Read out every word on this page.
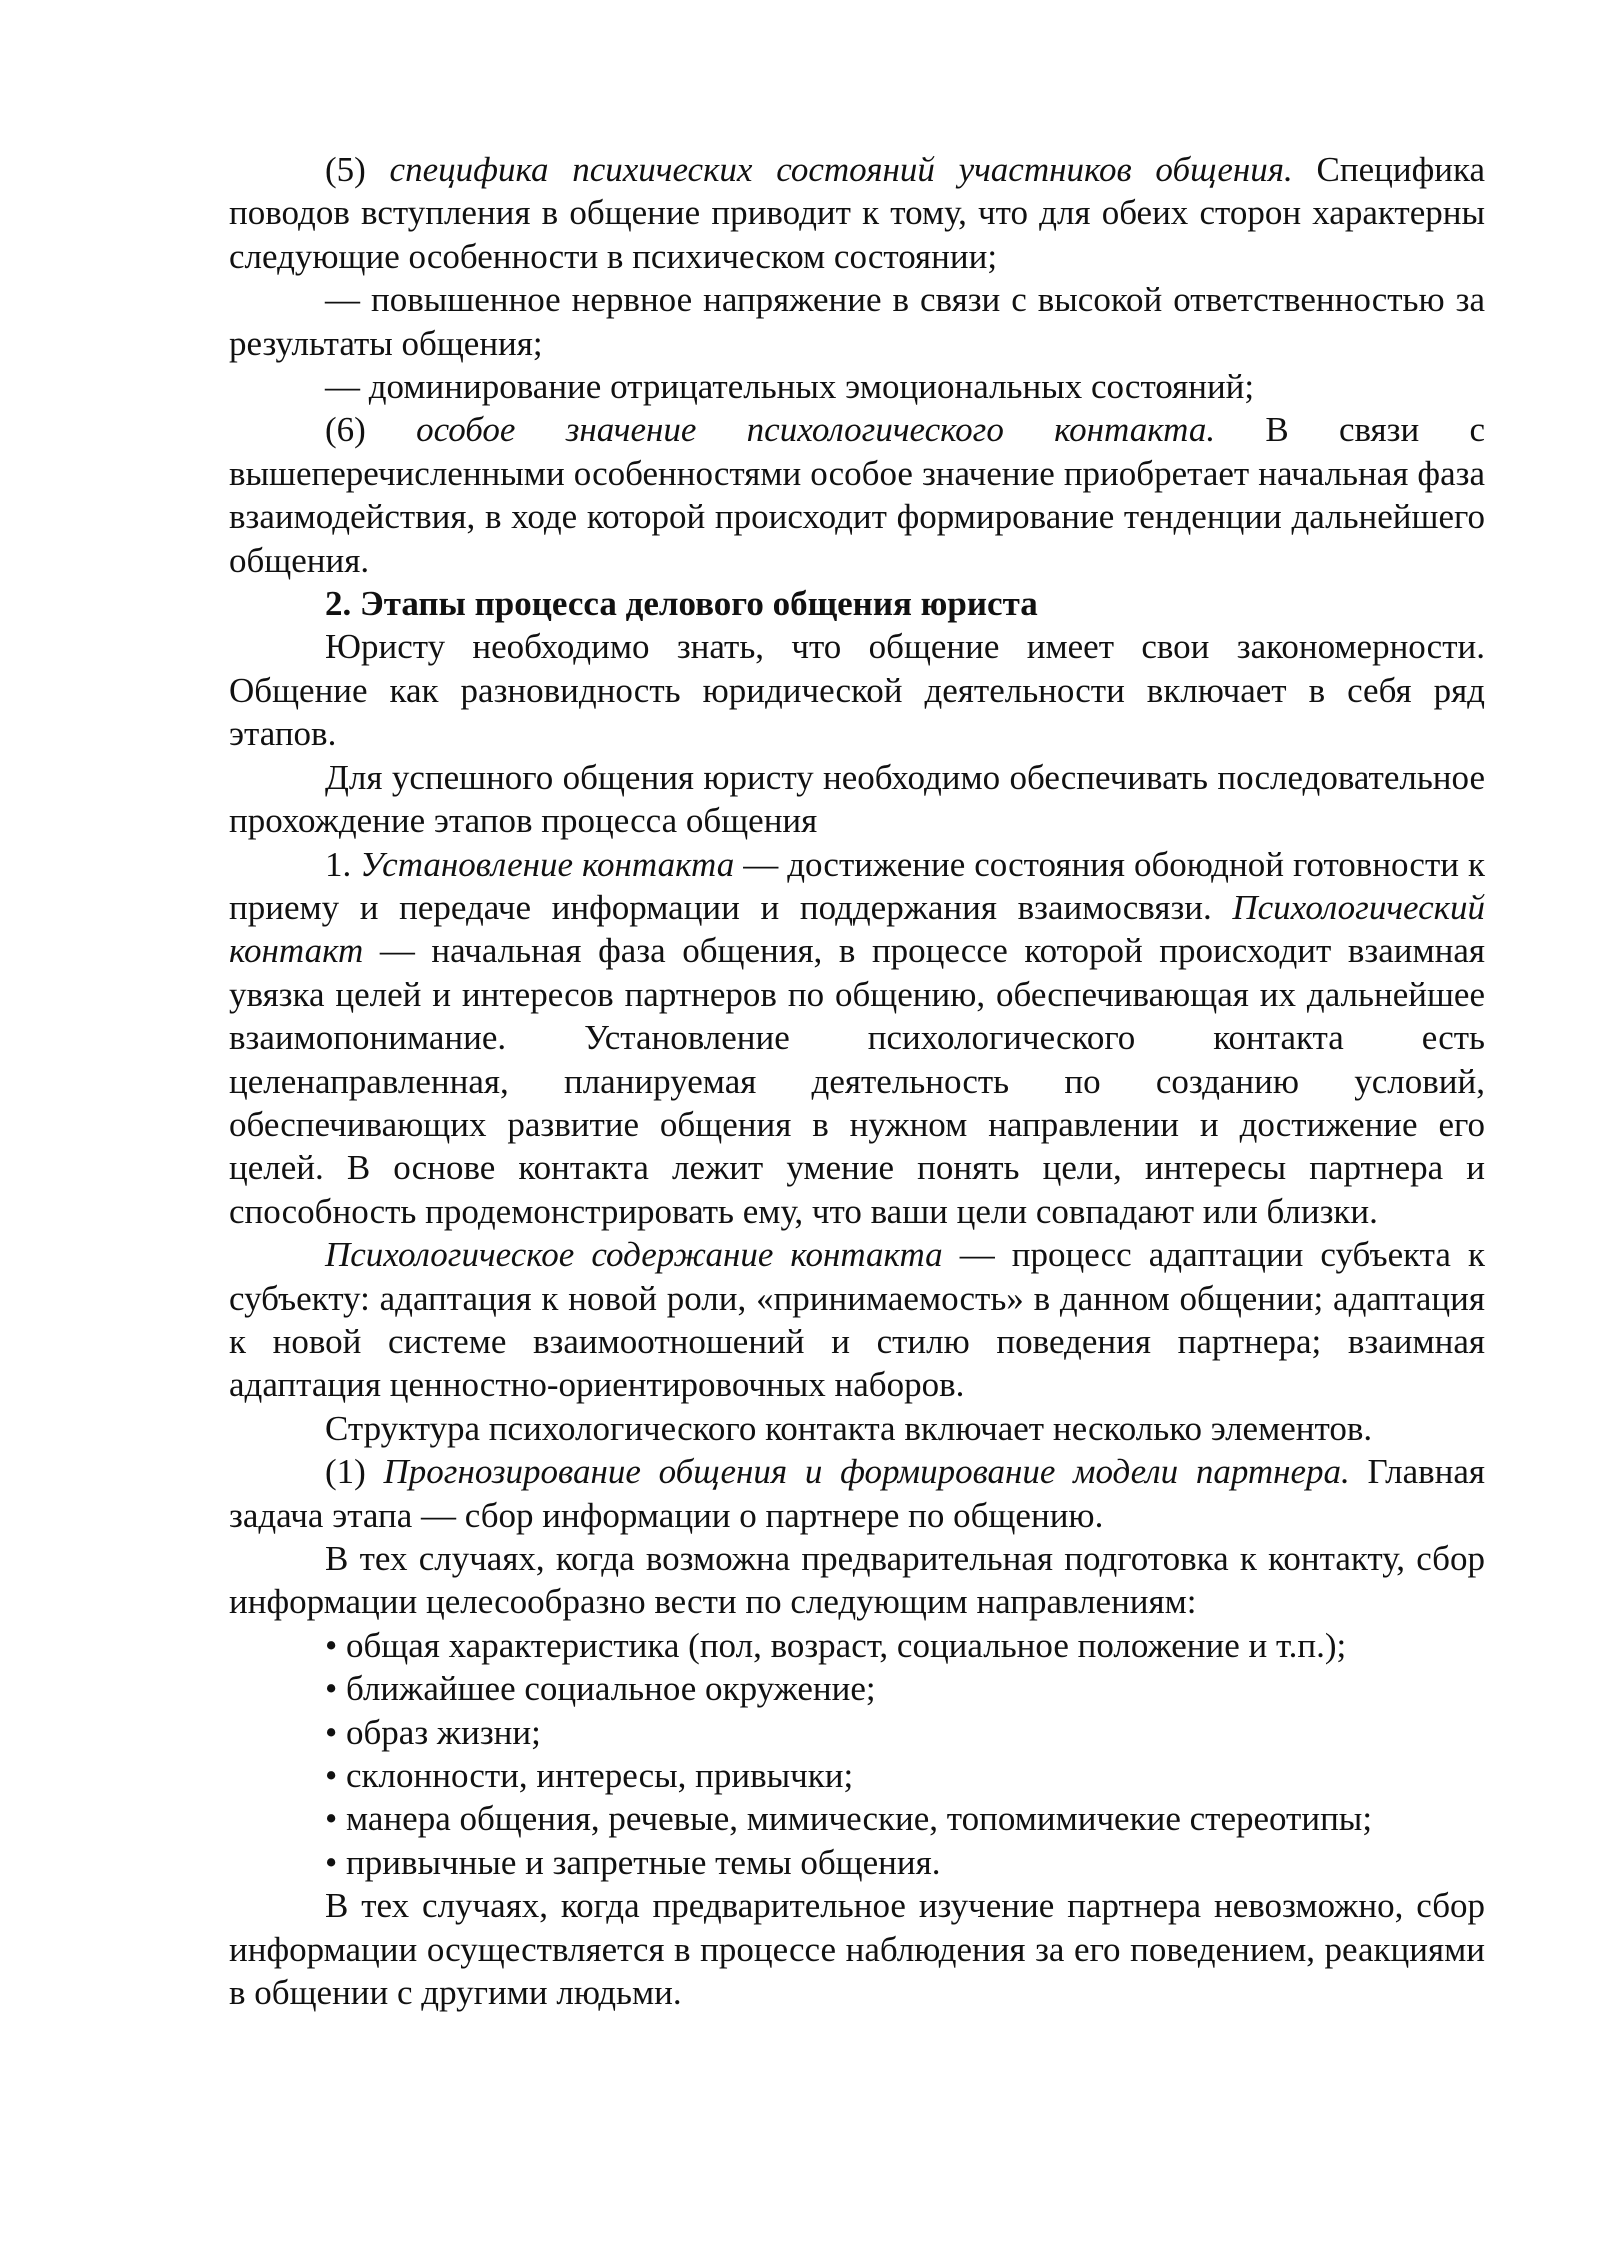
(5) специфика психических состояний участников общения. Специфика поводов вступления в общение приводит к тому, что для обеих сторон характерны следующие особенности в психическом состоянии;

— повышенное нервное напряжение в связи с высокой ответственностью за результаты общения;

— доминирование отрицательных эмоциональных состояний;

(6) особое значение психологического контакта. В связи с вышеперечисленными особенностями особое значение приобретает начальная фаза взаимодействия, в ходе которой происходит формирование тенденции дальнейшего общения.

2. Этапы процесса делового общения юриста

Юристу необходимо знать, что общение имеет свои закономерности. Общение как разновидность юридической деятельности включает в себя ряд этапов.

Для успешного общения юристу необходимо обеспечивать последовательное прохождение этапов процесса общения

1. Установление контакта — достижение состояния обоюдной готовности к приему и передаче информации и поддержания взаимосвязи. Психологический контакт — начальная фаза общения, в процессе которой происходит взаимная увязка целей и интересов партнеров по общению, обеспечивающая их дальнейшее взаимопонимание. Установление психологического контакта есть целенаправленная, планируемая деятельность по созданию условий, обеспечивающих развитие общения в нужном направлении и достижение его целей. В основе контакта лежит умение понять цели, интересы партнера и способность продемонстрировать ему, что ваши цели совпадают или близки.

Психологическое содержание контакта — процесс адаптации субъекта к субъекту: адаптация к новой роли, «принимаемость» в данном общении; адаптация к новой системе взаимоотношений и стилю поведения партнера; взаимная адаптация ценностно-ориентировочных наборов.

Структура психологического контакта включает несколько элементов.

(1) Прогнозирование общения и формирование модели партнера. Главная задача этапа — сбор информации о партнере по общению.

В тех случаях, когда возможна предварительная подготовка к контакту, сбор информации целесообразно вести по следующим направлениям:

• общая характеристика (пол, возраст, социальное положение и т.п.);

• ближайшее социальное окружение;

• образ жизни;

• склонности, интересы, привычки;

• манера общения, речевые, мимические, топомимичекие стереотипы;

• привычные и запретные темы общения.

В тех случаях, когда предварительное изучение партнера невозможно, сбор информации осуществляется в процессе наблюдения за его поведением, реакциями в общении с другими людьми.
